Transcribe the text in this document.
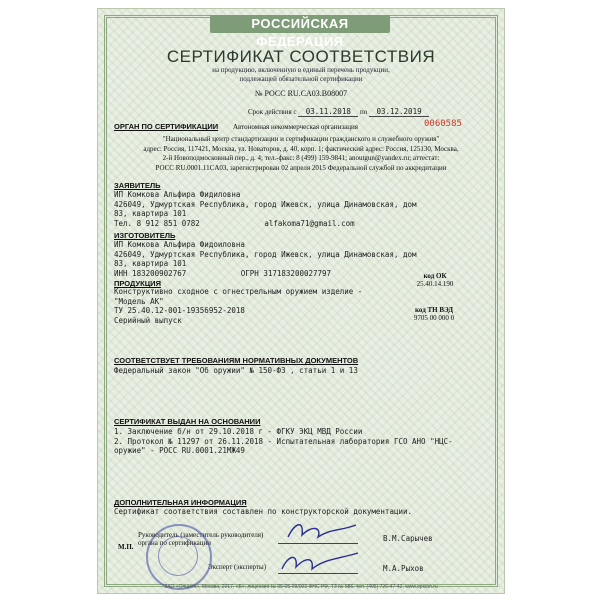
РОССИЙСКАЯ ФЕДЕРАЦИЯ
СЕРТИФИКАТ СООТВЕТСТВИЯ
на продукцию, включенную в единый перечень продукции,
подлежащей обязательной сертификации
№ РОСС RU.CA03.B08007
Срок действия с 03.11.2018 по 03.12.2019
ОРГАН ПО СЕРТИФИКАЦИИ	0060585
Автономная некоммерческая организация
"Национальный центр стандартизации и сертификации гражданского и служебного оружия"
адрес: Россия, 117421, Москва, ул. Новаторов, д. 40, корп. 1; фактический адрес: Россия, 125130, Москва,
2-й Новоподмосковный пер., д. 4; тел.-факс: 8 (499) 159-9841; anoutgun@yandex.ru; аттестат:
РОСС RU.0001.11CA03, зарегистрирован 02 апреля 2015 Федеральной службой по аккредитации
ЗАЯВИТЕЛЬ
ИП Комкова Альфира Фидиловна
426049, Удмуртская Республика, город Ижевск, улица Динамовская, дом
83, квартира 101
Тел. 8 912 851 0782	alfakoma71@gmail.com
ИЗГОТОВИТЕЛЬ
ИП Комкова Альфира Фидоиловна
426049, Удмуртская Республика, город Ижевск, улица Динамовская, дом
83, квартира 101
ИНН 183200902767	ОГРН 317183200027797
ПРОДУКЦИЯ
Конструктивно сходное с огнестрельным оружием изделие -
"Модель АК"
ТУ 25.40.12-001-19356952-2018
Серийный выпуск
код ОК
25.40.14.190
код ТН ВЭД
9705 00 000 0
СООТВЕТСТВУЕТ ТРЕБОВАНИЯМ НОРМАТИВНЫХ ДОКУМЕНТОВ
Федеральный закон "Об оружии" № 150-ФЗ , статьи 1 и 13
СЕРТИФИКАТ ВЫДАН НА ОСНОВАНИИ
1. Заключение б/н от 29.10.2018 г - ФГКУ ЭКЦ МВД России
2. Протокол № 11297 от 26.11.2018 - Испытательная лаборатория ГСО АНО "НЦС-
оружие" - РОСС RU.0001.21МЖ49
ДОПОЛНИТЕЛЬНАЯ ИНФОРМАЦИЯ
Сертификат соответствия составлен по конструкторской документации.
Руководитель (заместитель руководителя)
органа по сертификации
М.П.
Эксперт (эксперты)
В.М.Сарычев
М.А.Рыхов
ЗАО «Опцион», Москва, 2017, «Б», лицензия № 05-05-09/003 ФНС РФ, ТЗ № 986, тел. (495) 726-47-42, www.opcion.ru
